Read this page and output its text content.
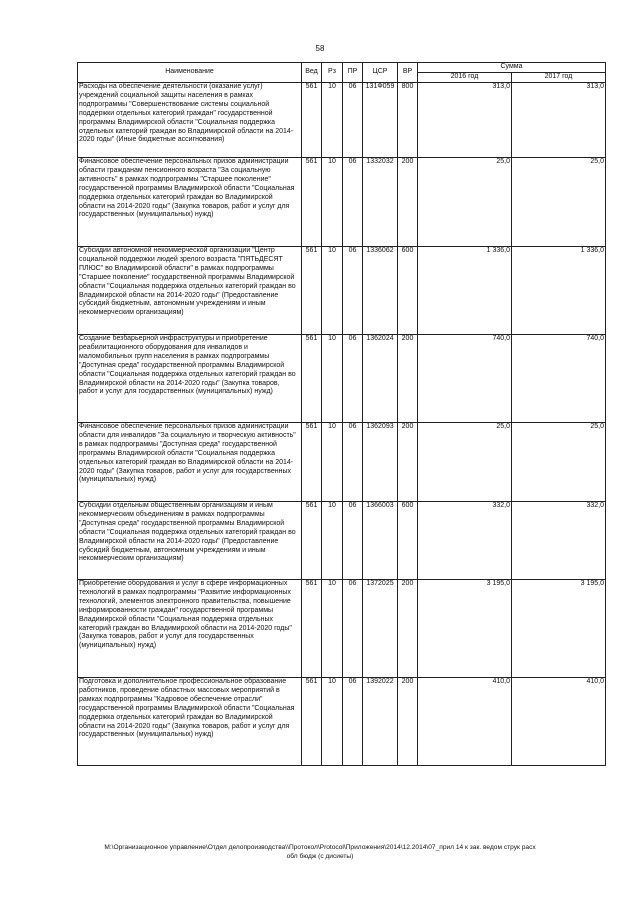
58
Наименование	Вед	Рз	ПР	ЦСР	ВР	Сумма	
						2016 год	2017 год
Расходы на обеспечение деятельности (оказание услуг) учреждений социальной защиты населения в рамках подпрограммы "Совершенствование системы социальной поддержки отдельных категорий граждан" государственной программы Владимирской области "Социальная поддержка отдельных категорий граждан во Владимирской области на 2014-2020 годы" (Иные бюджетные ассигнования)	561	10	06	131Ф059	800	313,0	313,0
Финансовое обеспечение персональных призов администрации области гражданам пенсионного возраста "За социальную активность" в рамках подпрограммы "Старшее поколение" государственной программы Владимирской области "Социальная поддержка отдельных категорий граждан во Владимирской области на 2014-2020 годы" (Закупка товаров, работ и услуг для государственных (муниципальных) нужд)	561	10	06	1332032	200	25,0	25,0
Субсидии автономной некоммерческой организации "Центр социальной поддержки людей зрелого возраста "ПЯТЬДЕСЯТ ПЛЮС" во Владимирской области" в рамках подпрограммы "Старшее поколение" государственной программы Владимирской области "Социальная поддержка отдельных категорий граждан во Владимирской области на 2014-2020 годы" (Предоставление субсидий бюджетным, автономным учреждениям и иным некоммерческим организациям)	561	10	06	1336062	600	1 336,0	1 336,0
Создание безбарьерной инфраструктуры и приобретение реабилитационного оборудования для инвалидов и маломобильных групп населения в рамках подпрограммы "Доступная среда" государственной программы Владимирской области "Социальная поддержка отдельных категорий граждан во Владимирской области на 2014-2020 годы" (Закупка товаров, работ и услуг для государственных (муниципальных) нужд)	561	10	06	1362024	200	740,0	740,0
Финансовое обеспечение персональных призов администрации области для инвалидов "За социальную и творческую активность" в рамках подпрограммы "Доступная среда" государственной программы Владимирской области "Социальная поддержка отдельных категорий граждан во Владимирской области на 2014-2020 годы" (Закупка товаров, работ и услуг для государственных (муниципальных) нужд)	561	10	06	1362093	200	25,0	25,0
Субсидии отдельным общественным организациям и иным некоммерческим объединениям в рамках подпрограммы "Доступная среда" государственной программы Владимирской области "Социальная поддержка отдельных категорий граждан во Владимирской области на 2014-2020 годы" (Предоставление субсидий бюджетным, автономным учреждениям и иным некоммерческим организациям)	561	10	06	1366003	600	332,0	332,0
Приобретение оборудования и услуг в сфере информационных технологий в рамках подпрограммы "Развитие информационных технологий, элементов электронного правительства, повышение информированности граждан" государственной программы Владимирской области "Социальная поддержка отдельных категорий граждан во Владимирской области на 2014-2020 годы" (Закупка товаров, работ и услуг для государственных (муниципальных) нужд)	561	10	06	1372025	200	3 195,0	3 195,0
Подготовка и дополнительное профессиональное образование работников, проведение областных массовых мероприятий в рамках подпрограммы "Кадровое обеспечение отрасли" государственной программы Владимирской области "Социальная поддержка отдельных категорий граждан во Владимирской области на 2014-2020 годы" (Закупка товаров, работ и услуг для государственных (муниципальных) нужд)	561	10	06	1392022	200	410,0	410,0
M:\Организационное управление\Отдел делопроизводства\\Протокол\Protocol\Приложения\2014\12.2014\07_прил 14 к зак. ведом струк расх
обл бюдж (с дисиеты)
